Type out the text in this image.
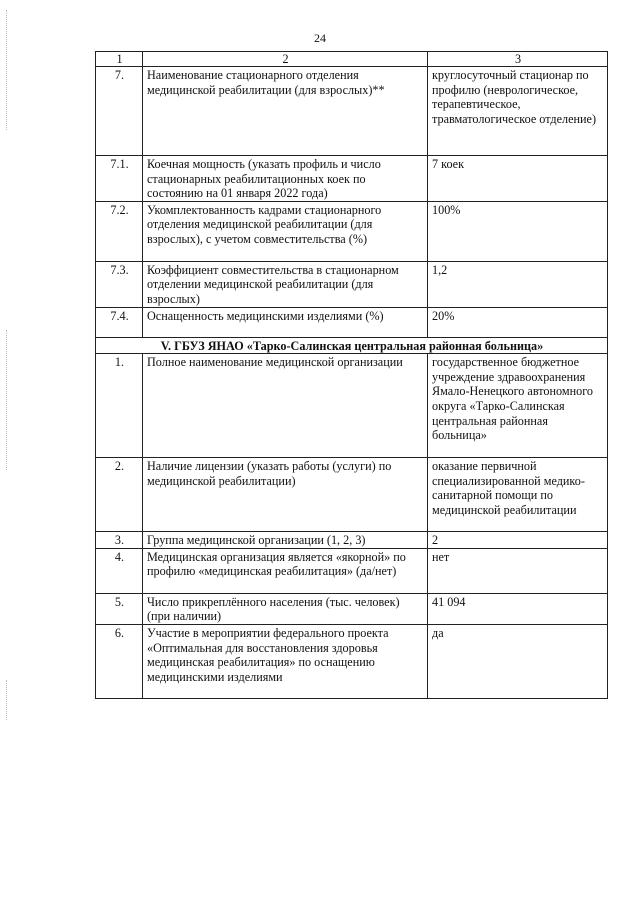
24
1	2	3
7.	Наименование стационарного отделения медицинской реабилитации (для взрослых)**	круглосуточный стационар по профилю (неврологическое, терапевтическое, травматологическое отделение)
7.1.	Коечная мощность (указать профиль и число стационарных реабилитационных коек по состоянию на 01 января 2022 года)	7 коек
7.2.	Укомплектованность кадрами стационарного отделения медицинской реабилитации (для взрослых), с учетом совместительства (%)	100%
7.3.	Коэффициент совместительства в стационарном отделении медицинской реабилитации (для взрослых)	1,2
7.4.	Оснащенность медицинскими изделиями (%)	20%
V. ГБУЗ ЯНАО «Тарко-Салинская центральная районная больница»		
1.	Полное наименование медицинской организации	государственное бюджетное учреждение здравоохранения Ямало-Ненецкого автономного округа «Тарко-Салинская центральная районная больница»
2.	Наличие лицензии (указать работы (услуги) по медицинской реабилитации)	оказание первичной специализированной медико-санитарной помощи по медицинской реабилитации
3.	Группа медицинской организации (1, 2, 3)	2
4.	Медицинская организация является «якорной» по профилю «медицинская реабилитация» (да/нет)	нет
5.	Число прикреплённого населения (тыс. человек) (при наличии)	41 094
6.	Участие в мероприятии федерального проекта «Оптимальная для восстановления здоровья медицинская реабилитация» по оснащению медицинскими изделиями	да
